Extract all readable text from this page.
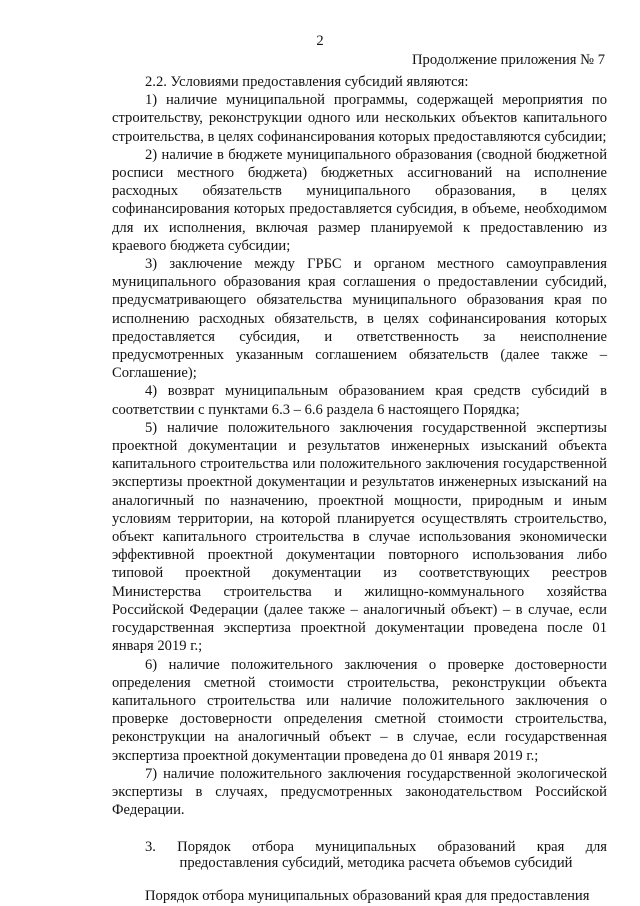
2
Продолжение приложения № 7

2.2. Условиями предоставления субсидий являются:

1) наличие муниципальной программы, содержащей мероприятия по строительству, реконструкции одного или нескольких объектов капитального строительства, в целях софинансирования которых предоставляются субсидии;

2) наличие в бюджете муниципального образования (сводной бюджетной росписи местного бюджета) бюджетных ассигнований на исполнение расходных обязательств муниципального образования, в целях софинансирования которых предоставляется субсидия, в объеме, необходимом для их исполнения, включая размер планируемой к предоставлению из краевого бюджета субсидии;

3) заключение между ГРБС и органом местного самоуправления муниципального образования края соглашения о предоставлении субсидий, предусматривающего обязательства муниципального образования края по исполнению расходных обязательств, в целях софинансирования которых предоставляется субсидия, и ответственность за неисполнение предусмотренных указанным соглашением обязательств (далее также – Соглашение);

4) возврат муниципальным образованием края средств субсидий в соответствии с пунктами 6.3 – 6.6 раздела 6 настоящего Порядка;

5) наличие положительного заключения государственной экспертизы проектной документации и результатов инженерных изысканий объекта капитального строительства или положительного заключения государственной экспертизы проектной документации и результатов инженерных изысканий на аналогичный по назначению, проектной мощности, природным и иным условиям территории, на которой планируется осуществлять строительство, объект капитального строительства в случае использования экономически эффективной проектной документации повторного использования либо типовой проектной документации из соответствующих реестров Министерства строительства и жилищно-коммунального хозяйства Российской Федерации (далее также – аналогичный объект) – в случае, если государственная экспертиза проектной документации проведена после 01 января 2019 г.;

6) наличие положительного заключения о проверке достоверности определения сметной стоимости строительства, реконструкции объекта капитального строительства или наличие положительного заключения о проверке достоверности определения сметной стоимости строительства, реконструкции на аналогичный объект – в случае, если государственная экспертиза проектной документации проведена до 01 января 2019 г.;

7) наличие положительного заключения государственной экологической экспертизы в случаях, предусмотренных законодательством Российской Федерации.

3. Порядок отбора муниципальных образований края для
предоставления субсидий, методика расчета объемов субсидий

Порядок отбора муниципальных образований края для предоставления
